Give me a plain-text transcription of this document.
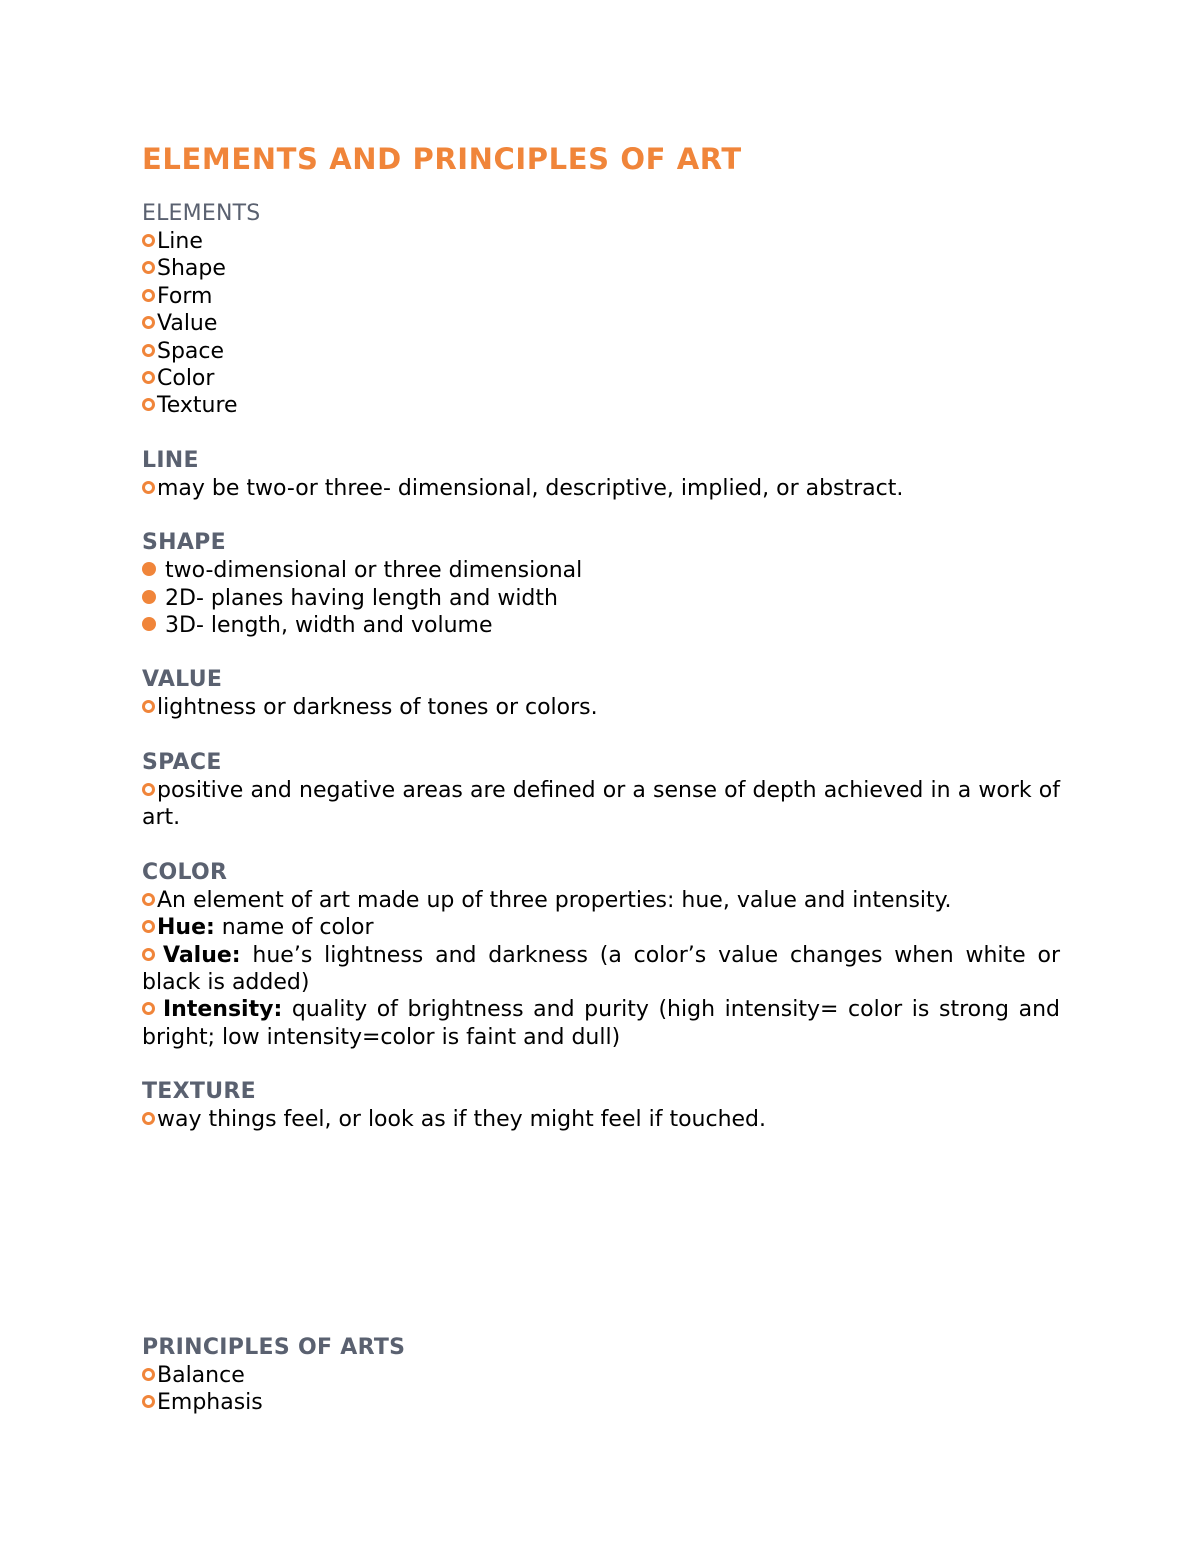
ELEMENTS AND PRINCIPLES OF ART
ELEMENTS
Line
Shape
Form
Value
Space
Color
Texture
LINE
may be two-or three- dimensional, descriptive, implied, or abstract.
SHAPE
two-dimensional or three dimensional
2D- planes having length and width
3D- length, width and volume
VALUE
lightness or darkness of tones or colors.
SPACE
positive and negative areas are defined or a sense of depth achieved in a work of art.
COLOR
An element of art made up of three properties: hue, value and intensity.
Hue: name of color
Value: hue’s lightness and darkness (a color’s value changes when white or black is added)
Intensity: quality of brightness and purity (high intensity= color is strong and bright; low intensity=color is faint and dull)
TEXTURE
way things feel, or look as if they might feel if touched.
PRINCIPLES OF ARTS
Balance
Emphasis
